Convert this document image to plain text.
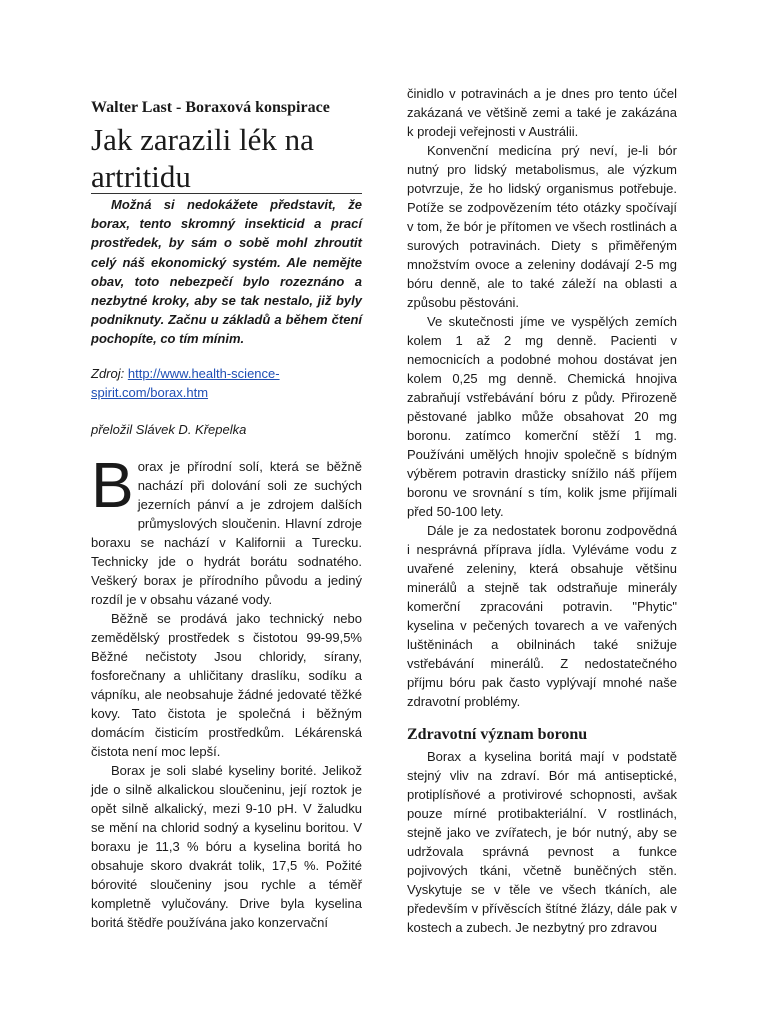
Walter Last - Boraxová konspirace
Jak zarazili lék na artritidu

Možná si nedokážete představit, že borax, tento skromný insekticid a prací prostředek, by sám o sobě mohl zhroutit celý náš ekonomický systém. Ale nemějte obav, toto nebezpečí bylo rozeznáno a nezbytné kroky, aby se tak nestalo, již byly podniknuty. Začnu u základů a během čtení pochopíte, co tím mínim.

Zdroj: http://www.health-science-spirit.com/borax.htm

přeložil Slávek D. Křepelka

Borax je přírodní solí, která se běžně nachází při dolování soli ze suchých jezerních pánví a je zdrojem dalších průmyslových sloučenin. Hlavní zdroje boraxu se nachází v Kalifornii a Turecku. Technicky jde o hydrát borátu sodnatého. Veškerý borax je přírodního původu a jediný rozdíl je v obsahu vázané vody.

Běžně se prodává jako technický nebo zemědělský prostředek s čistotou 99-99,5% Běžné nečistoty Jsou chloridy, sírany, fosforečnany a uhličitany draslíku, sodíku a vápníku, ale neobsahuje žádné jedovaté těžké kovy. Tato čistota je společná i běžným domácím čisticím prostředkům. Lékárenská čistota není moc lepší.

Borax je soli slabé kyseliny borité. Jelikož jde o silně alkalickou sloučeninu, její roztok je opět silně alkalický, mezi 9-10 pH. V žaludku se mění na chlorid sodný a kyselinu boritou. V boraxu je 11,3 % bóru a kyselina boritá ho obsahuje skoro dvakrát tolik, 17,5 %. Požité bórovité sloučeniny jsou rychle a téměř kompletně vylučovány. Drive byla kyselina boritá štědře používána jako konzervační

činidlo v potravinách a je dnes pro tento účel zakázaná ve většině zemi a také je zakázána k prodeji veřejnosti v Austrálii.

Konvenční medicína prý neví, je-li bór nutný pro lidský metabolismus, ale výzkum potvrzuje, že ho lidský organismus potřebuje. Potíže se zodpovězením této otázky spočívají v tom, že bór je přítomen ve všech rostlinách a surových potravinách. Diety s přiměřeným množstvím ovoce a zeleniny dodávají 2-5 mg bóru denně, ale to také záleží na oblasti a způsobu pěstováni.

Ve skutečnosti jíme ve vyspělých zemích kolem 1 až 2 mg denně. Pacienti v nemocnicích a podobné mohou dostávat jen kolem 0,25 mg denně. Chemická hnojiva zabraňují vstřebávání bóru z půdy. Přirozeně pěstované jablko může obsahovat 20 mg boronu. zatímco komerční stěží 1 mg. Používáni umělých hnojiv společně s bídným výběrem potravin drasticky snížilo náš příjem boronu ve srovnání s tím, kolik jsme přijímali před 50-100 lety.

Dále je za nedostatek boronu zodpovědná i nesprávná příprava jídla. Vyléváme vodu z uvařené zeleniny, která obsahuje většinu minerálů a stejně tak odstraňuje minerály komerční zpracováni potravin. "Phytic" kyselina v pečených tovarech a ve vařených luštěninách a obilninách také snižuje vstřebávání minerálů. Z nedostatečného příjmu bóru pak často vyplývají mnohé naše zdravotní problémy.

Zdravotní význam boronu

Borax a kyselina boritá mají v podstatě stejný vliv na zdraví. Bór má antiseptické, protiplísňové a protivirové schopnosti, avšak pouze mírné protibakteriální. V rostlinách, stejně jako ve zvířatech, je bór nutný, aby se udržovala správná pevnost a funkce pojivových tkáni, včetně buněčných stěn. Vyskytuje se v těle ve všech tkáních, ale především v přívěscích štítné žlázy, dále pak v kostech a zubech. Je nezbytný pro zdravou
